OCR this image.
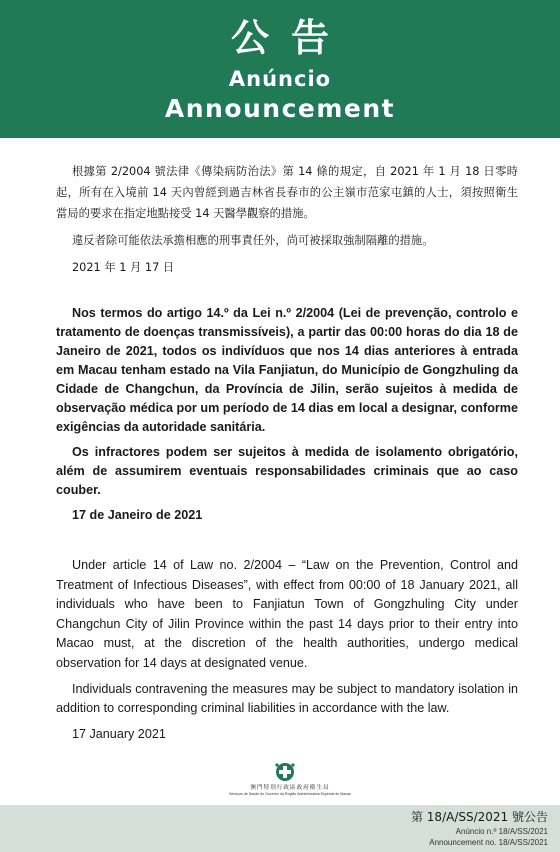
公告
Anúncio
Announcement

根據第 2/2004 號法律《傳染病防治法》第 14 條的規定，自 2021 年 1 月 18 日零時起，所有在入境前 14 天內曾經到過吉林省長春市的公主嶺市范家屯鎮的人士，須按照衛生當局的要求在指定地點接受 14 天醫學觀察的措施。

違反者除可能依法承擔相應的刑事責任外，尚可被採取強制隔離的措施。

2021 年 1 月 17 日

Nos termos do artigo 14.º da Lei n.º 2/2004 (Lei de prevenção, controlo e tratamento de doenças transmissíveis), a partir das 00:00 horas do dia 18 de Janeiro de 2021, todos os indivíduos que nos 14 dias anteriores à entrada em Macau tenham estado na Vila Fanjiatun, do Município de Gongzhuling da Cidade de Changchun, da Província de Jilin, serão sujeitos à medida de observação médica por um período de 14 dias em local a designar, conforme exigências da autoridade sanitária.

Os infractores podem ser sujeitos à medida de isolamento obrigatório, além de assumirem eventuais responsabilidades criminais que ao caso couber.

17 de Janeiro de 2021

Under article 14 of Law no. 2/2004 – “Law on the Prevention, Control and Treatment of Infectious Diseases”, with effect from 00:00 of 18 January 2021, all individuals who have been to Fanjiatun Town of Gongzhuling City under Changchun City of Jilin Province within the past 14 days prior to their entry into Macao must, at the discretion of the health authorities, undergo medical observation for 14 days at designated venue.

Individuals contravening the measures may be subject to mandatory isolation in addition to corresponding criminal liabilities in accordance with the law.

17 January 2021

澳門特別行政區政府衛生局
Serviços de Saúde do Governo da Região Administrativa Especial de Macau
第 18/A/SS/2021 號公告
Anúncio n.º 18/A/SS/2021
Announcement no. 18/A/SS/2021
